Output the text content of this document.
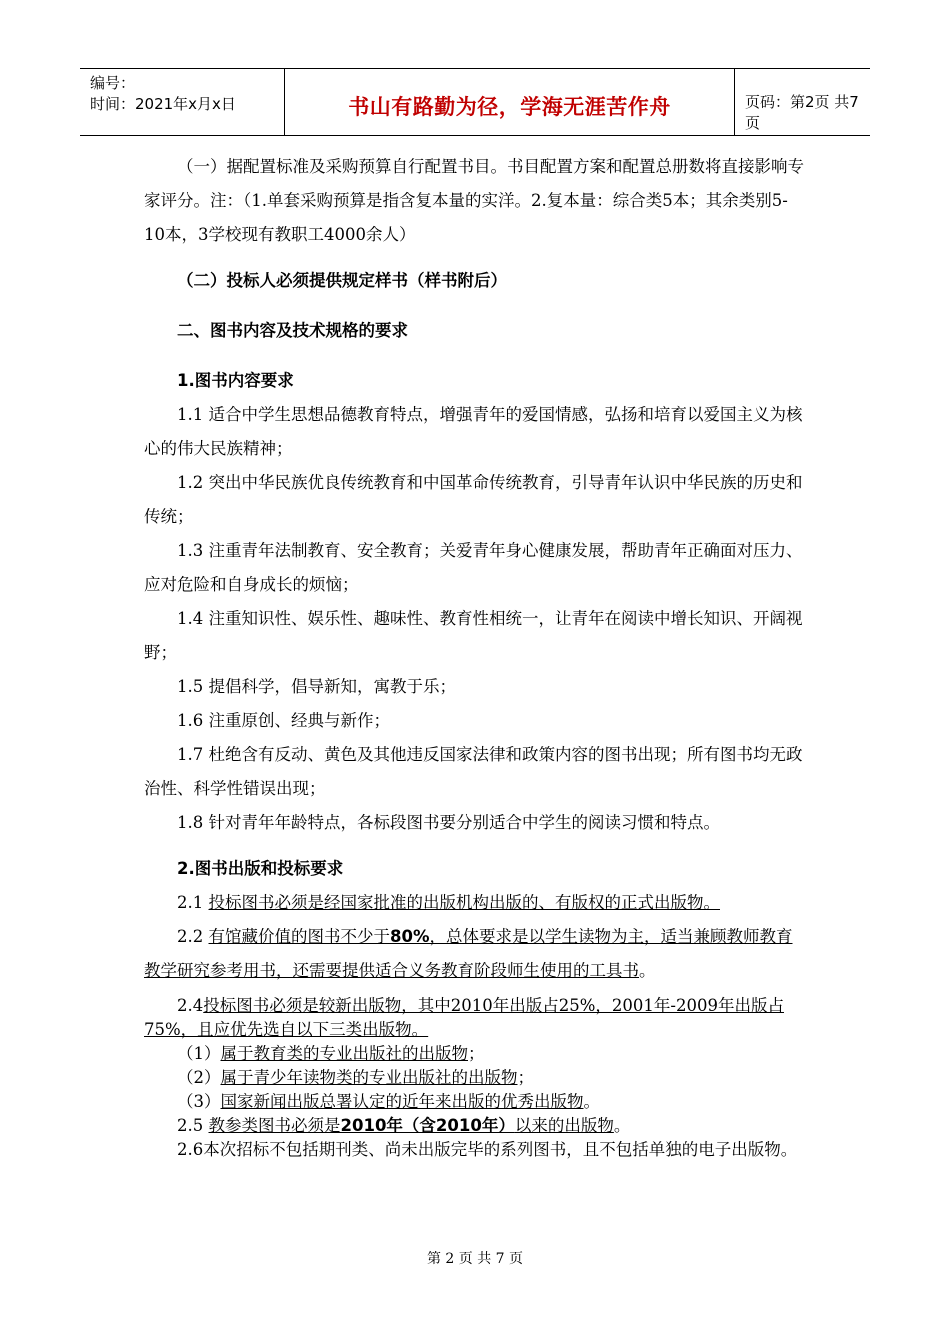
编号：
时间：2021年x月x日	书山有路勤为径，学海无涯苦作舟	页码：第2页 共7页

（一）据配置标准及采购预算自行配置书目。书目配置方案和配置总册数将直接影响专家评分。注：（1.单套采购预算是指含复本量的实洋。2.复本量：综合类5本；其余类别5-10本，3学校现有教职工4000余人）

（二）投标人必须提供规定样书（样书附后）

二、图书内容及技术规格的要求

1.图书内容要求

1.1 适合中学生思想品德教育特点，增强青年的爱国情感，弘扬和培育以爱国主义为核心的伟大民族精神；

1.2 突出中华民族优良传统教育和中国革命传统教育，引导青年认识中华民族的历史和传统；

1.3 注重青年法制教育、安全教育；关爱青年身心健康发展，帮助青年正确面对压力、应对危险和自身成长的烦恼；

1.4 注重知识性、娱乐性、趣味性、教育性相统一，让青年在阅读中增长知识、开阔视野；

1.5 提倡科学，倡导新知，寓教于乐；

1.6 注重原创、经典与新作；

1.7 杜绝含有反动、黄色及其他违反国家法律和政策内容的图书出现；所有图书均无政治性、科学性错误出现；

1.8 针对青年年龄特点，各标段图书要分别适合中学生的阅读习惯和特点。

2.图书出版和投标要求

2.1 投标图书必须是经国家批准的出版机构出版的、有版权的正式出版物。

2.2 有馆藏价值的图书不少于80%，总体要求是以学生读物为主，适当兼顾教师教育教学研究参考用书，还需要提供适合义务教育阶段师生使用的工具书。

2.4投标图书必须是较新出版物，其中2010年出版占25%，2001年-2009年出版占75%，且应优先选自以下三类出版物。

（1）属于教育类的专业出版社的出版物；

（2）属于青少年读物类的专业出版社的出版物；

（3）国家新闻出版总署认定的近年来出版的优秀出版物。

2.5 教参类图书必须是2010年（含2010年）以来的出版物。

2.6本次招标不包括期刊类、尚未出版完毕的系列图书，且不包括单独的电子出版物。

第 2 页 共 7 页
